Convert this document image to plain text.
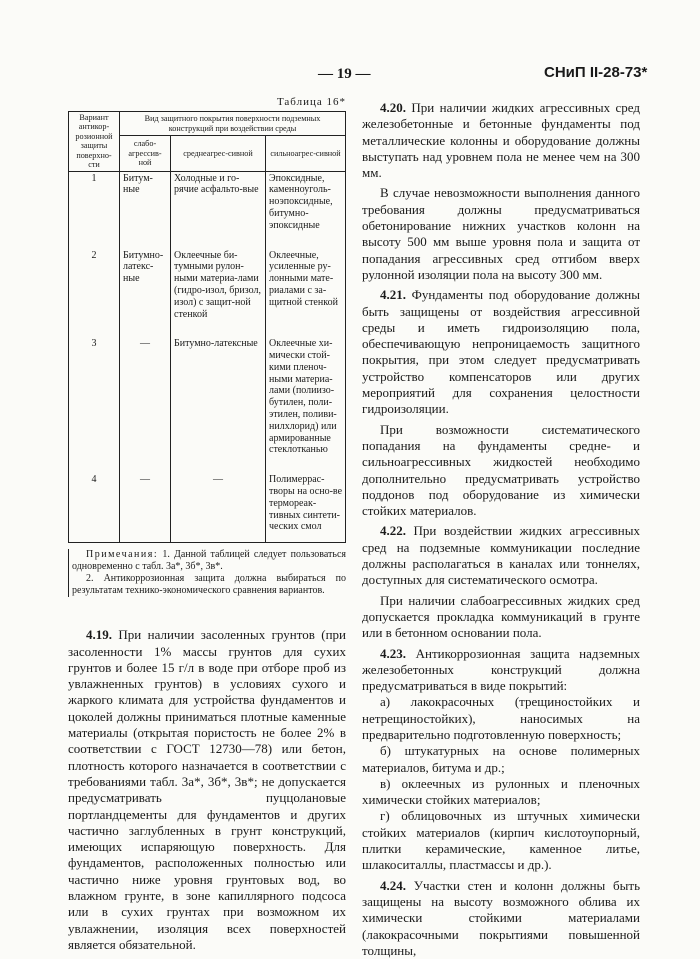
— 19 —	СНиП II-28-73*
Таблица 16*
Вариант антикор-розионной защиты поверхно-сти	Вид защитного покрытия поверхности подземных конструкций при воздействии среды		
	слабо-агрессив-ной	среднеагрес-сивной	сильноагрес-сивной
1	Битум-ные	Холодные и го-рячие асфальто-вые	Эпоксидные, каменноуголь-ноэпоксидные, битумно-эпоксидные

2	Битумно-латекс-ные	Оклеечные би-тумными рулон-ными материа-лами (гидро-изол, бризол, изол) с защит-ной стенкой	Оклеечные, усиленные ру-лонными мате-риалами с за-щитной стенкой

3	—	Битумно-латексные	Оклеечные хи-мически стой-кими пленоч-ными материа-лами (полиизо-бутилен, поли-этилен, поливи-нилхлорид) или армированные стеклотканью

4	—	—	Полимеррас-творы на осно-ве термореак-тивных синтети-ческих смол

Примечания: 1. Данной таблицей следует пользоваться одновременно с табл. 3а*, 3б*, 3в*.

2. Антикоррозионная защита должна выбираться по результатам технико-экономического сравнения вариантов.

4.19. При наличии засоленных грунтов (при засоленности 1% массы грунтов для сухих грунтов и более 15 г/л в воде при отборе проб из увлажненных грунтов) в условиях сухого и жаркого климата для устройства фундаментов и цоколей должны приниматься плотные каменные материалы (открытая пористость не более 2% в соответствии с ГОСТ 12730—78) или бетон, плотность которого назначается в соответствии с требованиями табл. 3а*, 3б*, 3в*; не допускается предусматривать пуццолановые портландцементы для фундаментов и других частично заглубленных в грунт конструкций, имеющих испаряющую поверхность. Для фундаментов, расположенных полностью или частично ниже уровня грунтовых вод, во влажном грунте, в зоне капиллярного подсоса или в сухих грунтах при возможном их увлажнении, изоляция всех поверхностей является обязательной.

4.20. При наличии жидких агрессивных сред железобетонные и бетонные фундаменты под металлические колонны и оборудование должны выступать над уровнем пола не менее чем на 300 мм.

В случае невозможности выполнения данного требования должны предусматриваться обетонирование нижних участков колонн на высоту 500 мм выше уровня пола и защита от попадания агрессивных сред отгибом вверх рулонной изоляции пола на высоту 300 мм.

4.21. Фундаменты под оборудование должны быть защищены от воздействия агрессивной среды и иметь гидроизоляцию пола, обеспечивающую непроницаемость защитного покрытия, при этом следует предусматривать устройство компенсаторов или других мероприятий для сохранения целостности гидроизоляции.

При возможности систематического попадания на фундаменты средне- и сильноагрессивных жидкостей необходимо дополнительно предусматривать устройство поддонов под оборудование из химически стойких материалов.

4.22. При воздействии жидких агрессивных сред на подземные коммуникации последние должны располагаться в каналах или тоннелях, доступных для систематического осмотра.

При наличии слабоагрессивных жидких сред допускается прокладка коммуникаций в грунте или в бетонном основании пола.

4.23. Антикоррозионная защита надземных железобетонных конструкций должна предусматриваться в виде покрытий:

а) лакокрасочных (трещиностойких и нетрещиностойких), наносимых на предварительно подготовленную поверхность;

б) штукатурных на основе полимерных материалов, битума и др.;

в) оклеечных из рулонных и пленочных химически стойких материалов;

г) облицовочных из штучных химически стойких материалов (кирпич кислотоупорный, плитки керамические, каменное литье, шлакоситаллы, пластмассы и др.).

4.24. Участки стен и колонн должны быть защищены на высоту возможного облива их химически стойкими материалами (лакокрасочными покрытиями повышенной толщины,
